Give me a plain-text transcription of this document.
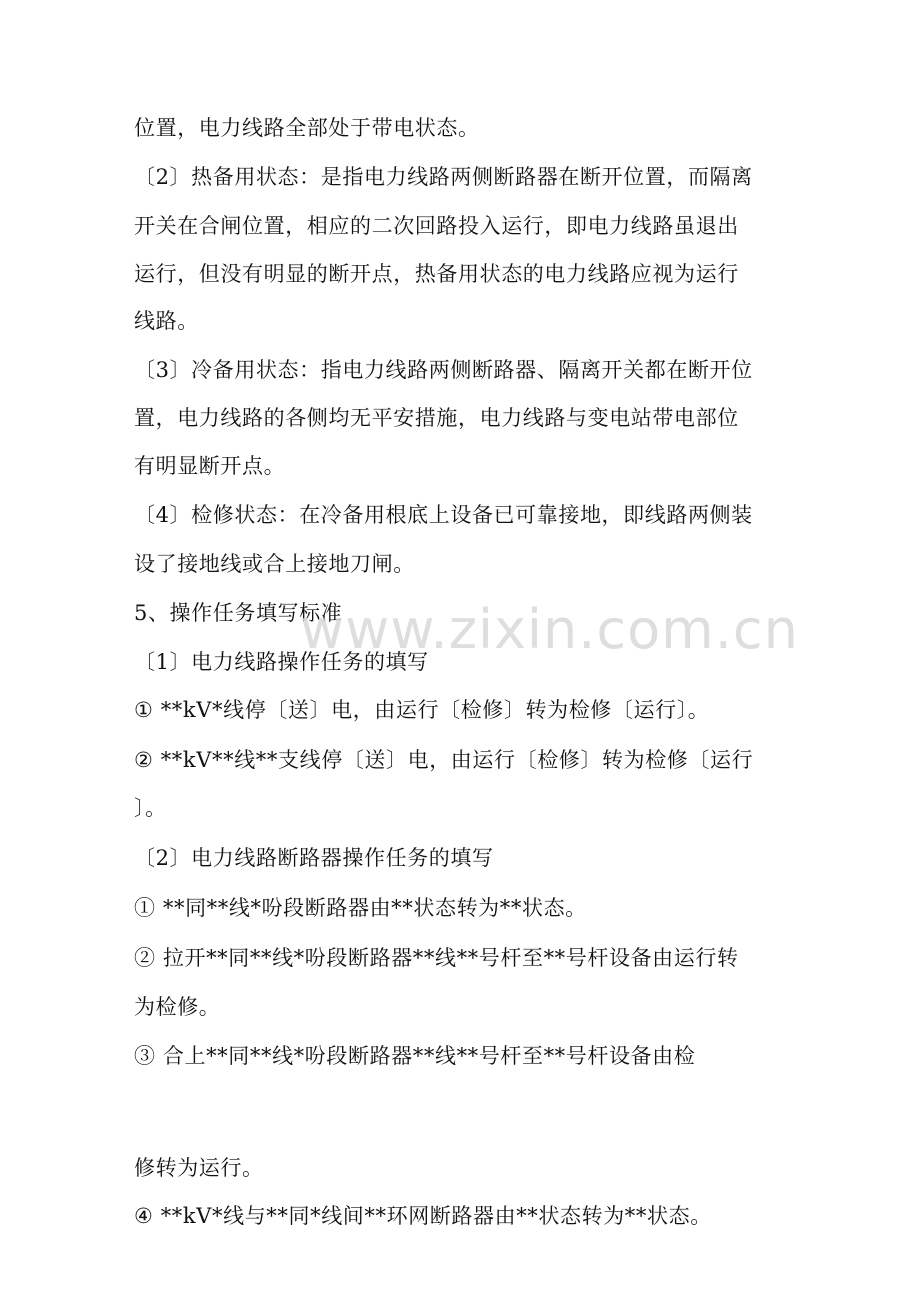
位置，电力线路全部处于带电状态。
〔2〕热备用状态：是指电力线路两侧断路器在断开位置，而隔离
开关在合闸位置，相应的二次回路投入运行，即电力线路虽退出
运行，但没有明显的断开点，热备用状态的电力线路应视为运行
线路。
〔3〕冷备用状态：指电力线路两侧断路器、隔离开关都在断开位
置，电力线路的各侧均无平安措施，电力线路与变电站带电部位
有明显断开点。
〔4〕检修状态：在冷备用根底上设备已可靠接地，即线路两侧装
设了接地线或合上接地刀闸。
5、操作任务填写标准
〔1〕电力线路操作任务的填写
① **kV*线停〔送〕电，由运行〔检修〕转为检修〔运行〕。
② **kV**线**支线停〔送〕电，由运行〔检修〕转为检修〔运行
〕。
〔2〕电力线路断路器操作任务的填写
① **同**线*吩段断路器由**状态转为**状态。
② 拉开**同**线*吩段断路器**线**号杆至**号杆设备由运行转
为检修。
③ 合上**同**线*吩段断路器**线**号杆至**号杆设备由检
修转为运行。
④ **kV*线与**同*线间**环网断路器由**状态转为**状态。
www.zixin.com.cn
